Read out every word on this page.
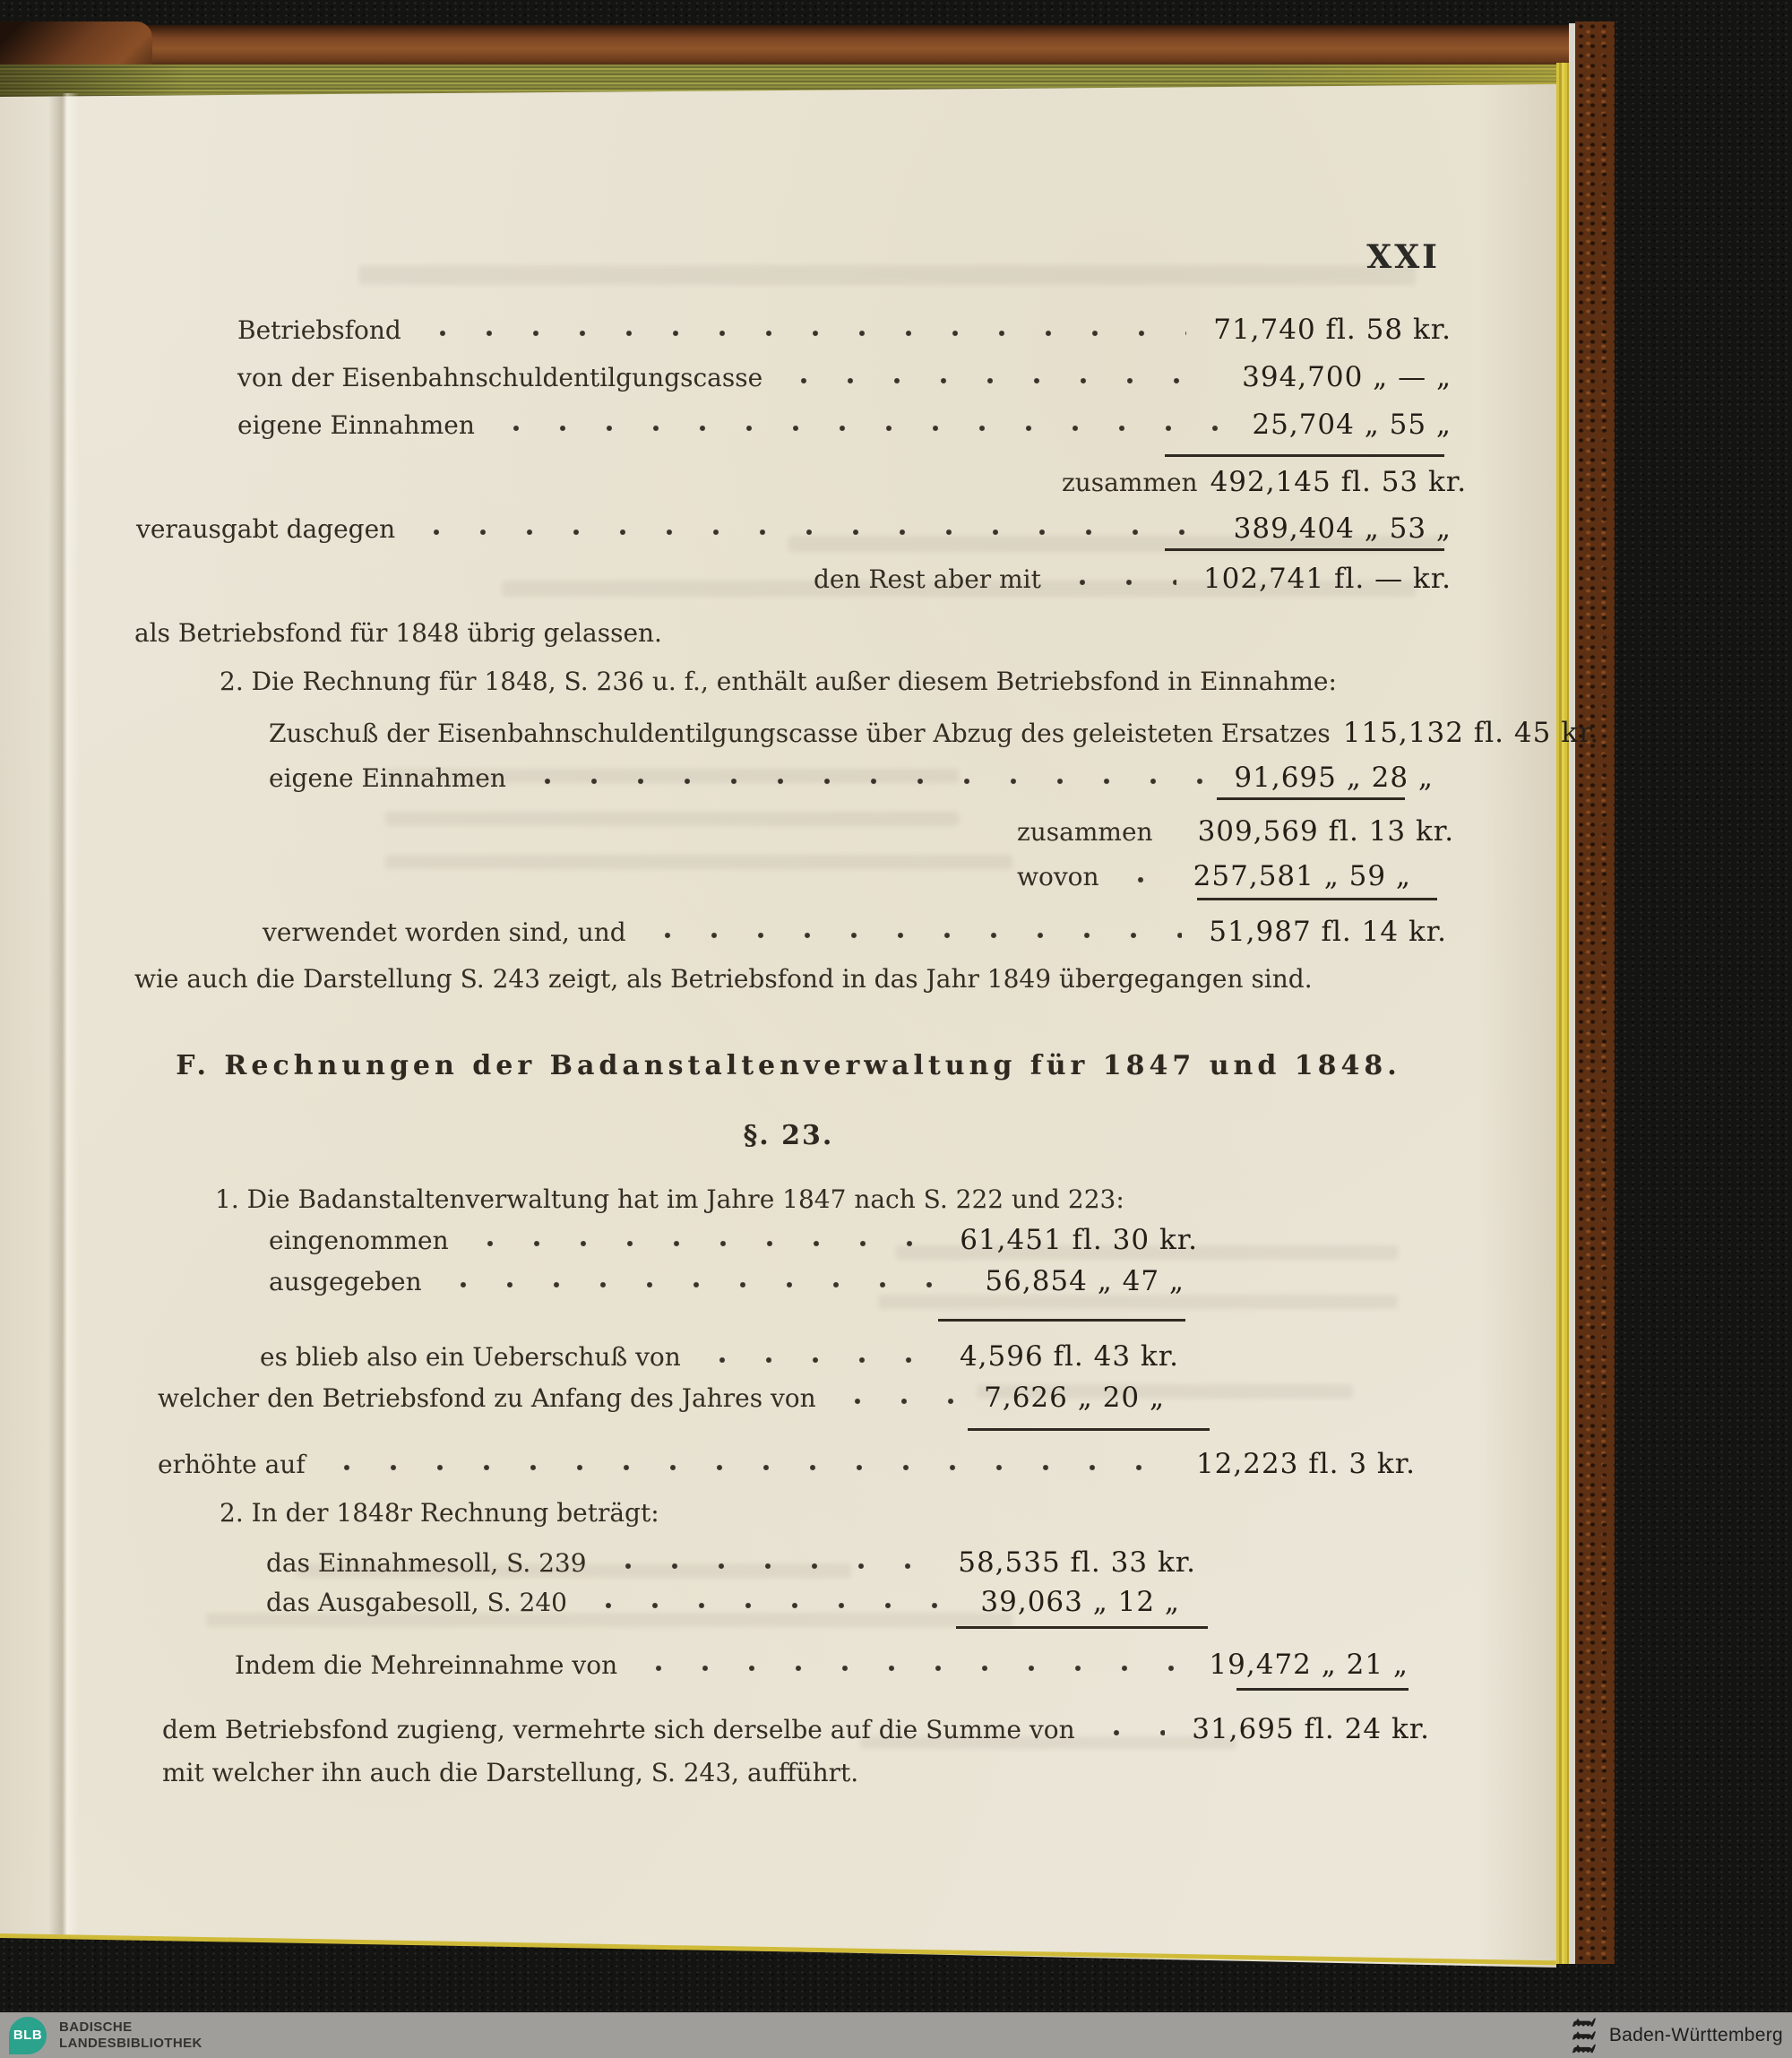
XXI
Betriebsfond	71,740 fl. 58 kr.
von der Eisenbahnschuldentilgungscasse	394,700 „ — „
eigene Einnahmen	25,704 „ 55 „
zusammen 492,145 fl. 53 kr.
verausgabt dagegen	389,404 „ 53 „
den Rest aber mit	102,741 fl. — kr.
als Betriebsfond für 1848 übrig gelassen.
2. Die Rechnung für 1848, S. 236 u. f., enthält außer diesem Betriebsfond in Einnahme:
Zuschuß der Eisenbahnschuldentilgungscasse über Abzug des geleisteten Ersatzes 115,132 fl. 45 kr.
eigene Einnahmen	91,695 „ 28 „
zusammen 309,569 fl. 13 kr.
wovon	257,581 „ 59 „
verwendet worden sind, und	51,987 fl. 14 kr.
wie auch die Darstellung S. 243 zeigt, als Betriebsfond in das Jahr 1849 übergegangen sind.
F. Rechnungen der Badanstaltenverwaltung für 1847 und 1848.
§. 23.
1. Die Badanstaltenverwaltung hat im Jahre 1847 nach S. 222 und 223:
eingenommen	61,451 fl. 30 kr.
ausgegeben	56,854 „ 47 „
es blieb also ein Ueberschuß von	4,596 fl. 43 kr.
welcher den Betriebsfond zu Anfang des Jahres von	7,626 „ 20 „
erhöhte auf	12,223 fl. 3 kr.
2. In der 1848r Rechnung beträgt:
das Einnahmesoll, S. 239	58,535 fl. 33 kr.
das Ausgabesoll, S. 240	39,063 „ 12 „
Indem die Mehreinnahme von	19,472 „ 21 „
dem Betriebsfond zugieng, vermehrte sich derselbe auf die Summe von	31,695 fl. 24 kr.
mit welcher ihn auch die Darstellung, S. 243, aufführt.
BLB
BADISCHE
LANDESBIBLIOTHEK	Baden-Württemberg
